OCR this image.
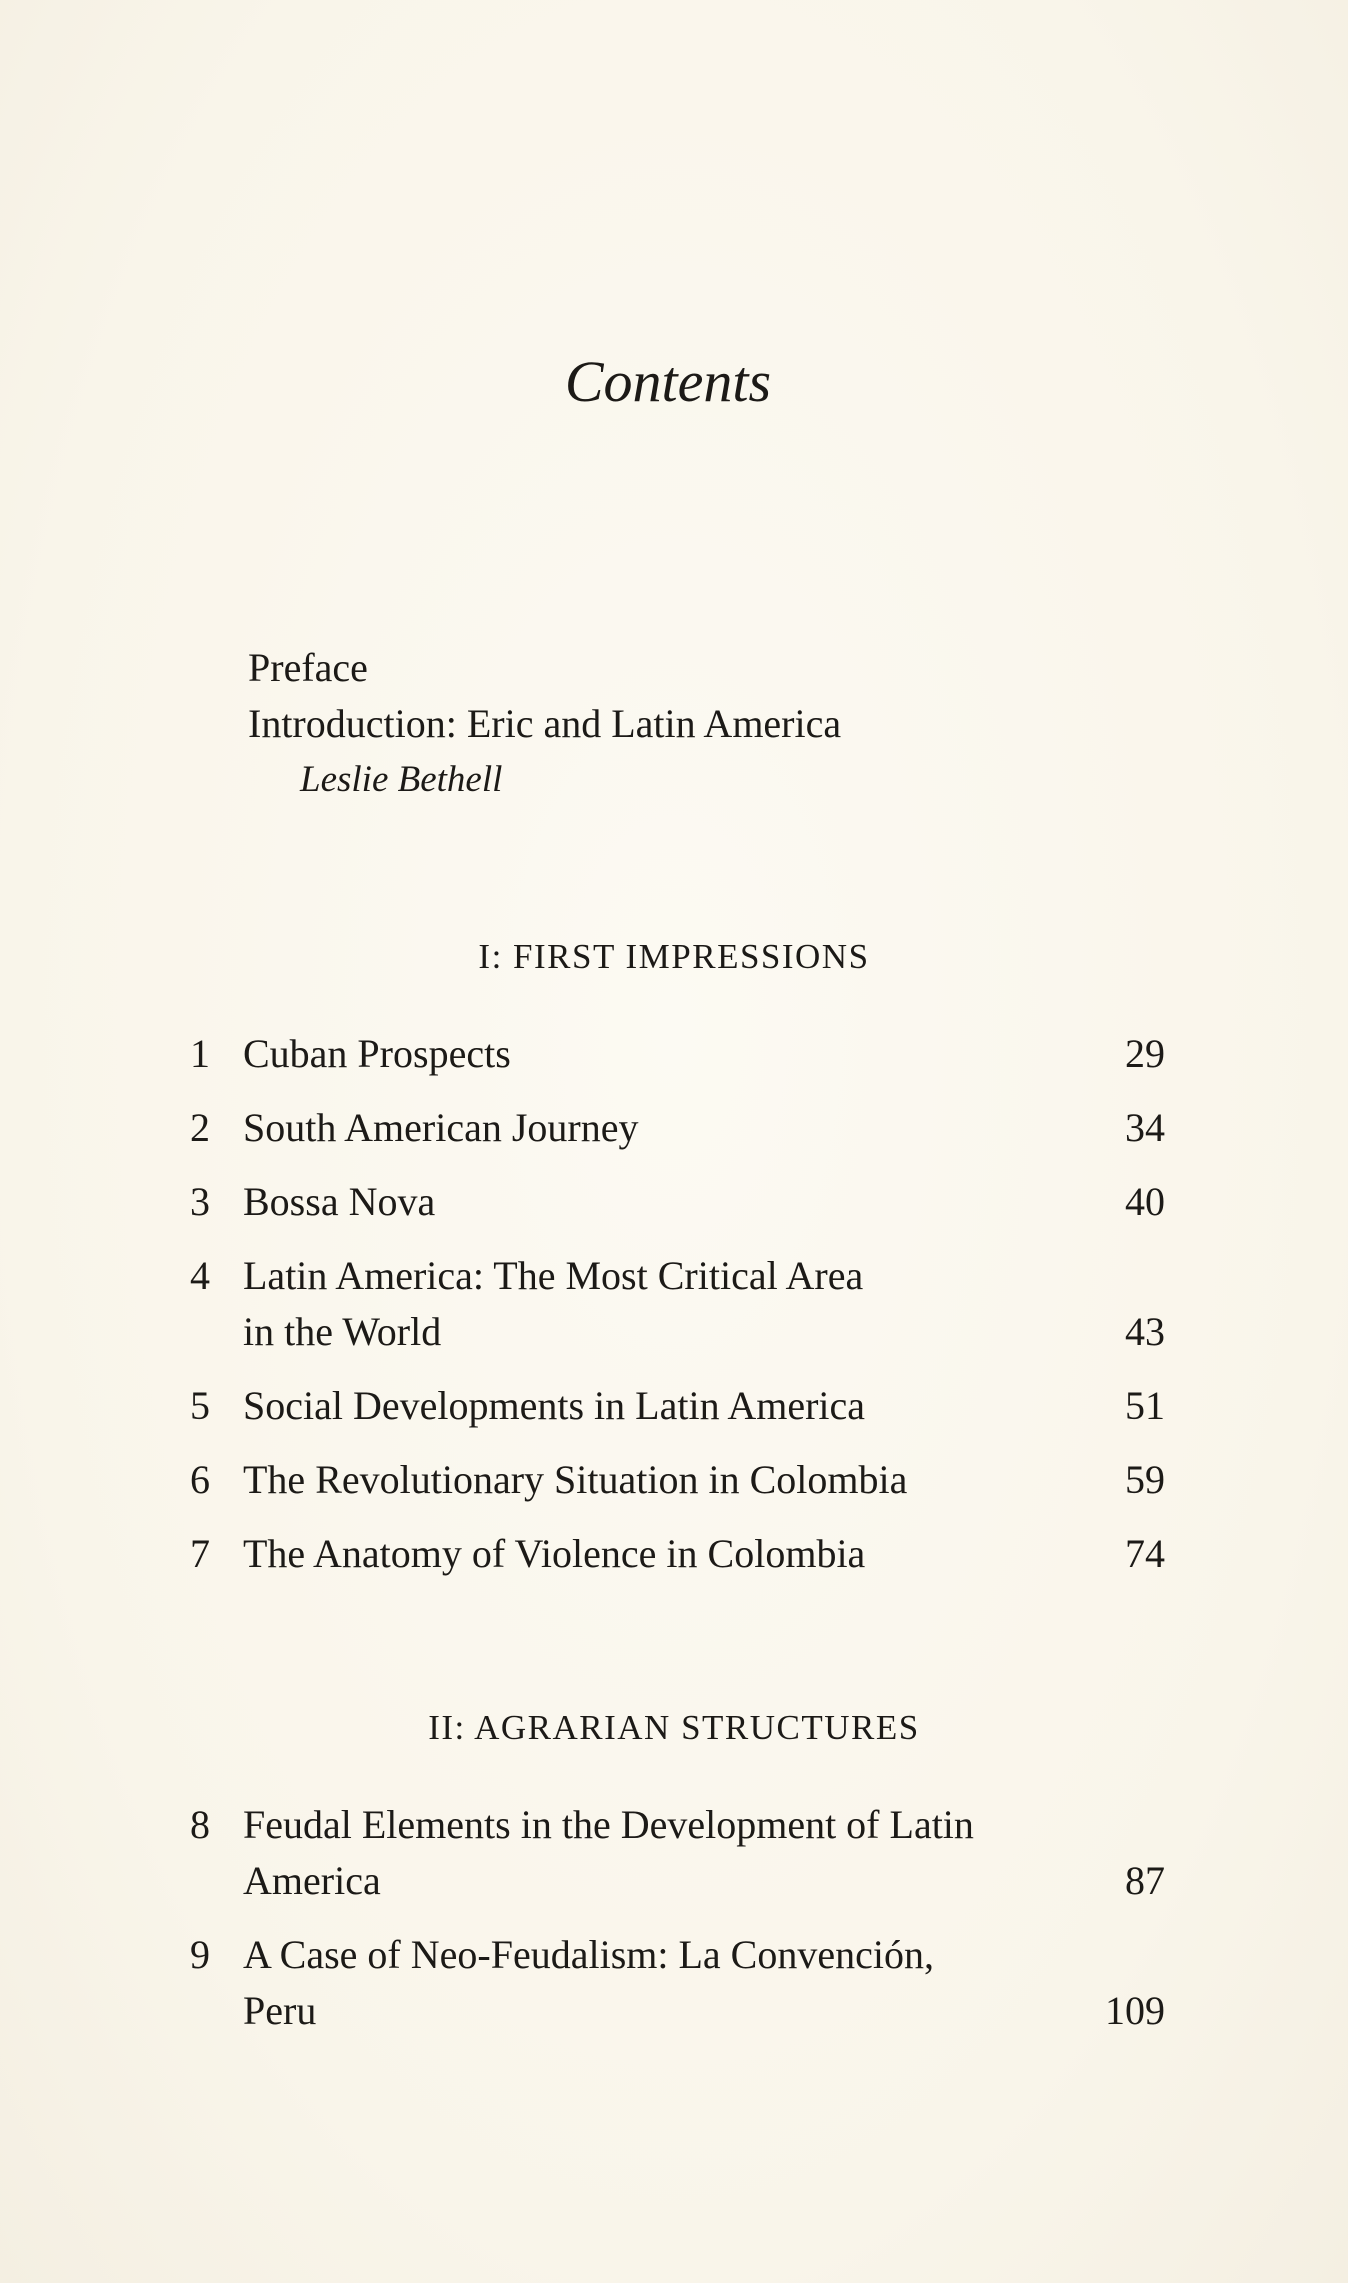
Contents
Preface
Introduction: Eric and Latin America
Leslie Bethell
I: FIRST IMPRESSIONS
1 Cuban Prospects	29
2 South American Journey	34
3 Bossa Nova	40
4 Latin America: The Most Critical Area
in the World	43
5 Social Developments in Latin America	51
6 The Revolutionary Situation in Colombia	59
7 The Anatomy of Violence in Colombia	74
II: AGRARIAN STRUCTURES
8 Feudal Elements in the Development of Latin
America	87
9 A Case of Neo-Feudalism: La Convención,
Peru	109
